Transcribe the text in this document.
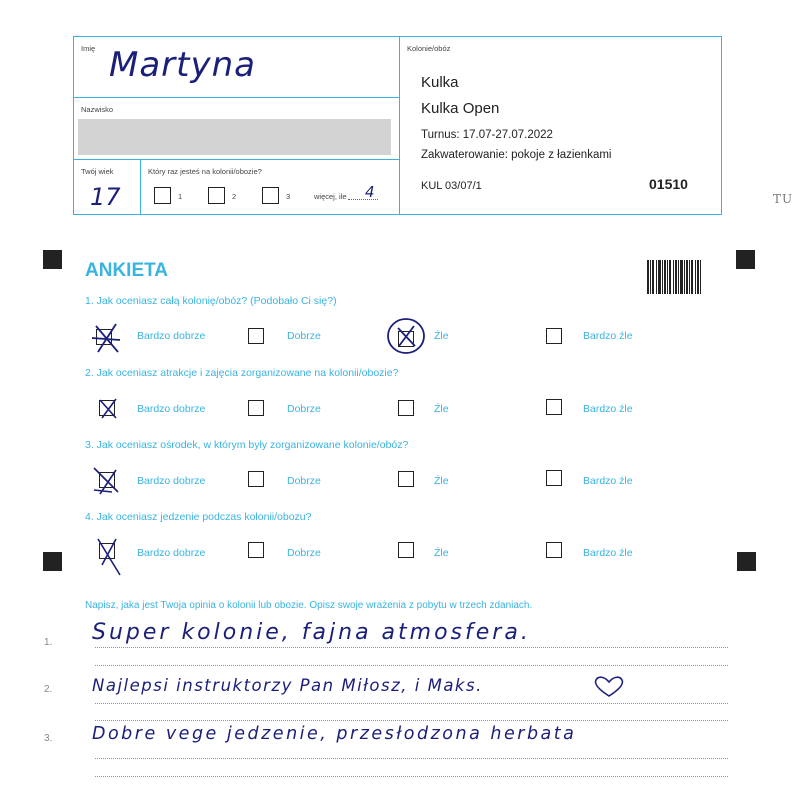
Imię Martyna
Nazwisko
Twój wiek
17
Który raz jesteś na kolonii/obozie?
1	2	3	więcej, ile 4
Kolonie/obóz
Kulka
Kulka Open
Turnus: 17.07-27.07.2022
Zakwaterowanie: pokoje z łazienkami
KUL 03/07/1	01510
TU
ANKIETA
1. Jak oceniasz całą kolonię/obóz? (Podobało Ci się?)
Bardzo dobrze	Dobrze	Źle	Bardzo źle
2. Jak oceniasz atrakcje i zajęcia zorganizowane na kolonii/obozie?
Bardzo dobrze	Dobrze	Źle	Bardzo źle
3. Jak oceniasz ośrodek, w którym były zorganizowane kolonie/obóz?
Bardzo dobrze	Dobrze	Źle	Bardzo źle
4. Jak oceniasz jedzenie podczas kolonii/obozu?
Bardzo dobrze	Dobrze	Źle	Bardzo źle
Napisz, jaka jest Twoja opinia o kolonii lub obozie. Opisz swoje wrażenia z pobytu w trzech zdaniach.
1. Super kolonie, fajna atmosfera.
2. Najlepsi instruktorzy Pan Miłosz, i Maks.
3. Dobre vege jedzenie, przesłodzona herbata
